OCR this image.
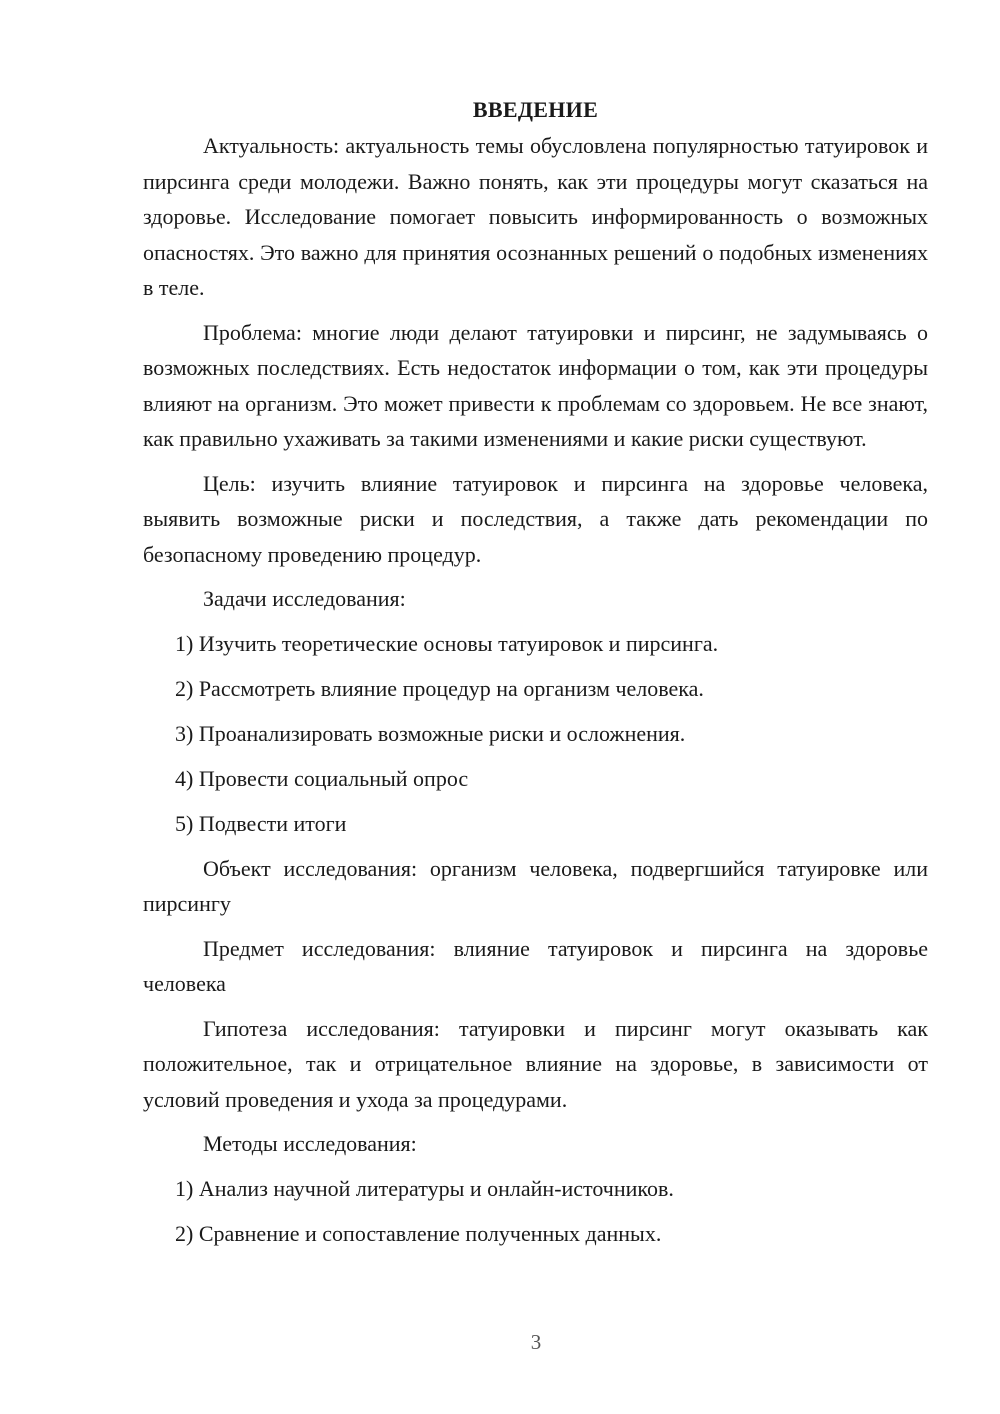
ВВЕДЕНИЕ

Актуальность: актуальность темы обусловлена популярностью татуировок и пирсинга среди молодежи. Важно понять, как эти процедуры могут сказаться на здоровье. Исследование помогает повысить информированность о возможных опасностях. Это важно для принятия осознанных решений о подобных изменениях в теле.

Проблема: многие люди делают татуировки и пирсинг, не задумываясь о возможных последствиях. Есть недостаток информации о том, как эти процедуры влияют на организм. Это может привести к проблемам со здоровьем. Не все знают, как правильно ухаживать за такими изменениями и какие риски существуют.

Цель: изучить влияние татуировок и пирсинга на здоровье человека, выявить возможные риски и последствия, а также дать рекомендации по безопасному проведению процедур.

Задачи исследования:

1) Изучить теоретические основы татуировок и пирсинга.

2) Рассмотреть влияние процедур на организм человека.

3) Проанализировать возможные риски и осложнения.

4) Провести социальный опрос

5) Подвести итоги

Объект исследования: организм человека, подвергшийся татуировке или пирсингу

Предмет исследования: влияние татуировок и пирсинга на здоровье человека

Гипотеза исследования: татуировки и пирсинг могут оказывать как положительное, так и отрицательное влияние на здоровье, в зависимости от условий проведения и ухода за процедурами.

Методы исследования:

1) Анализ научной литературы и онлайн-источников.

2) Сравнение и сопоставление полученных данных.

3
